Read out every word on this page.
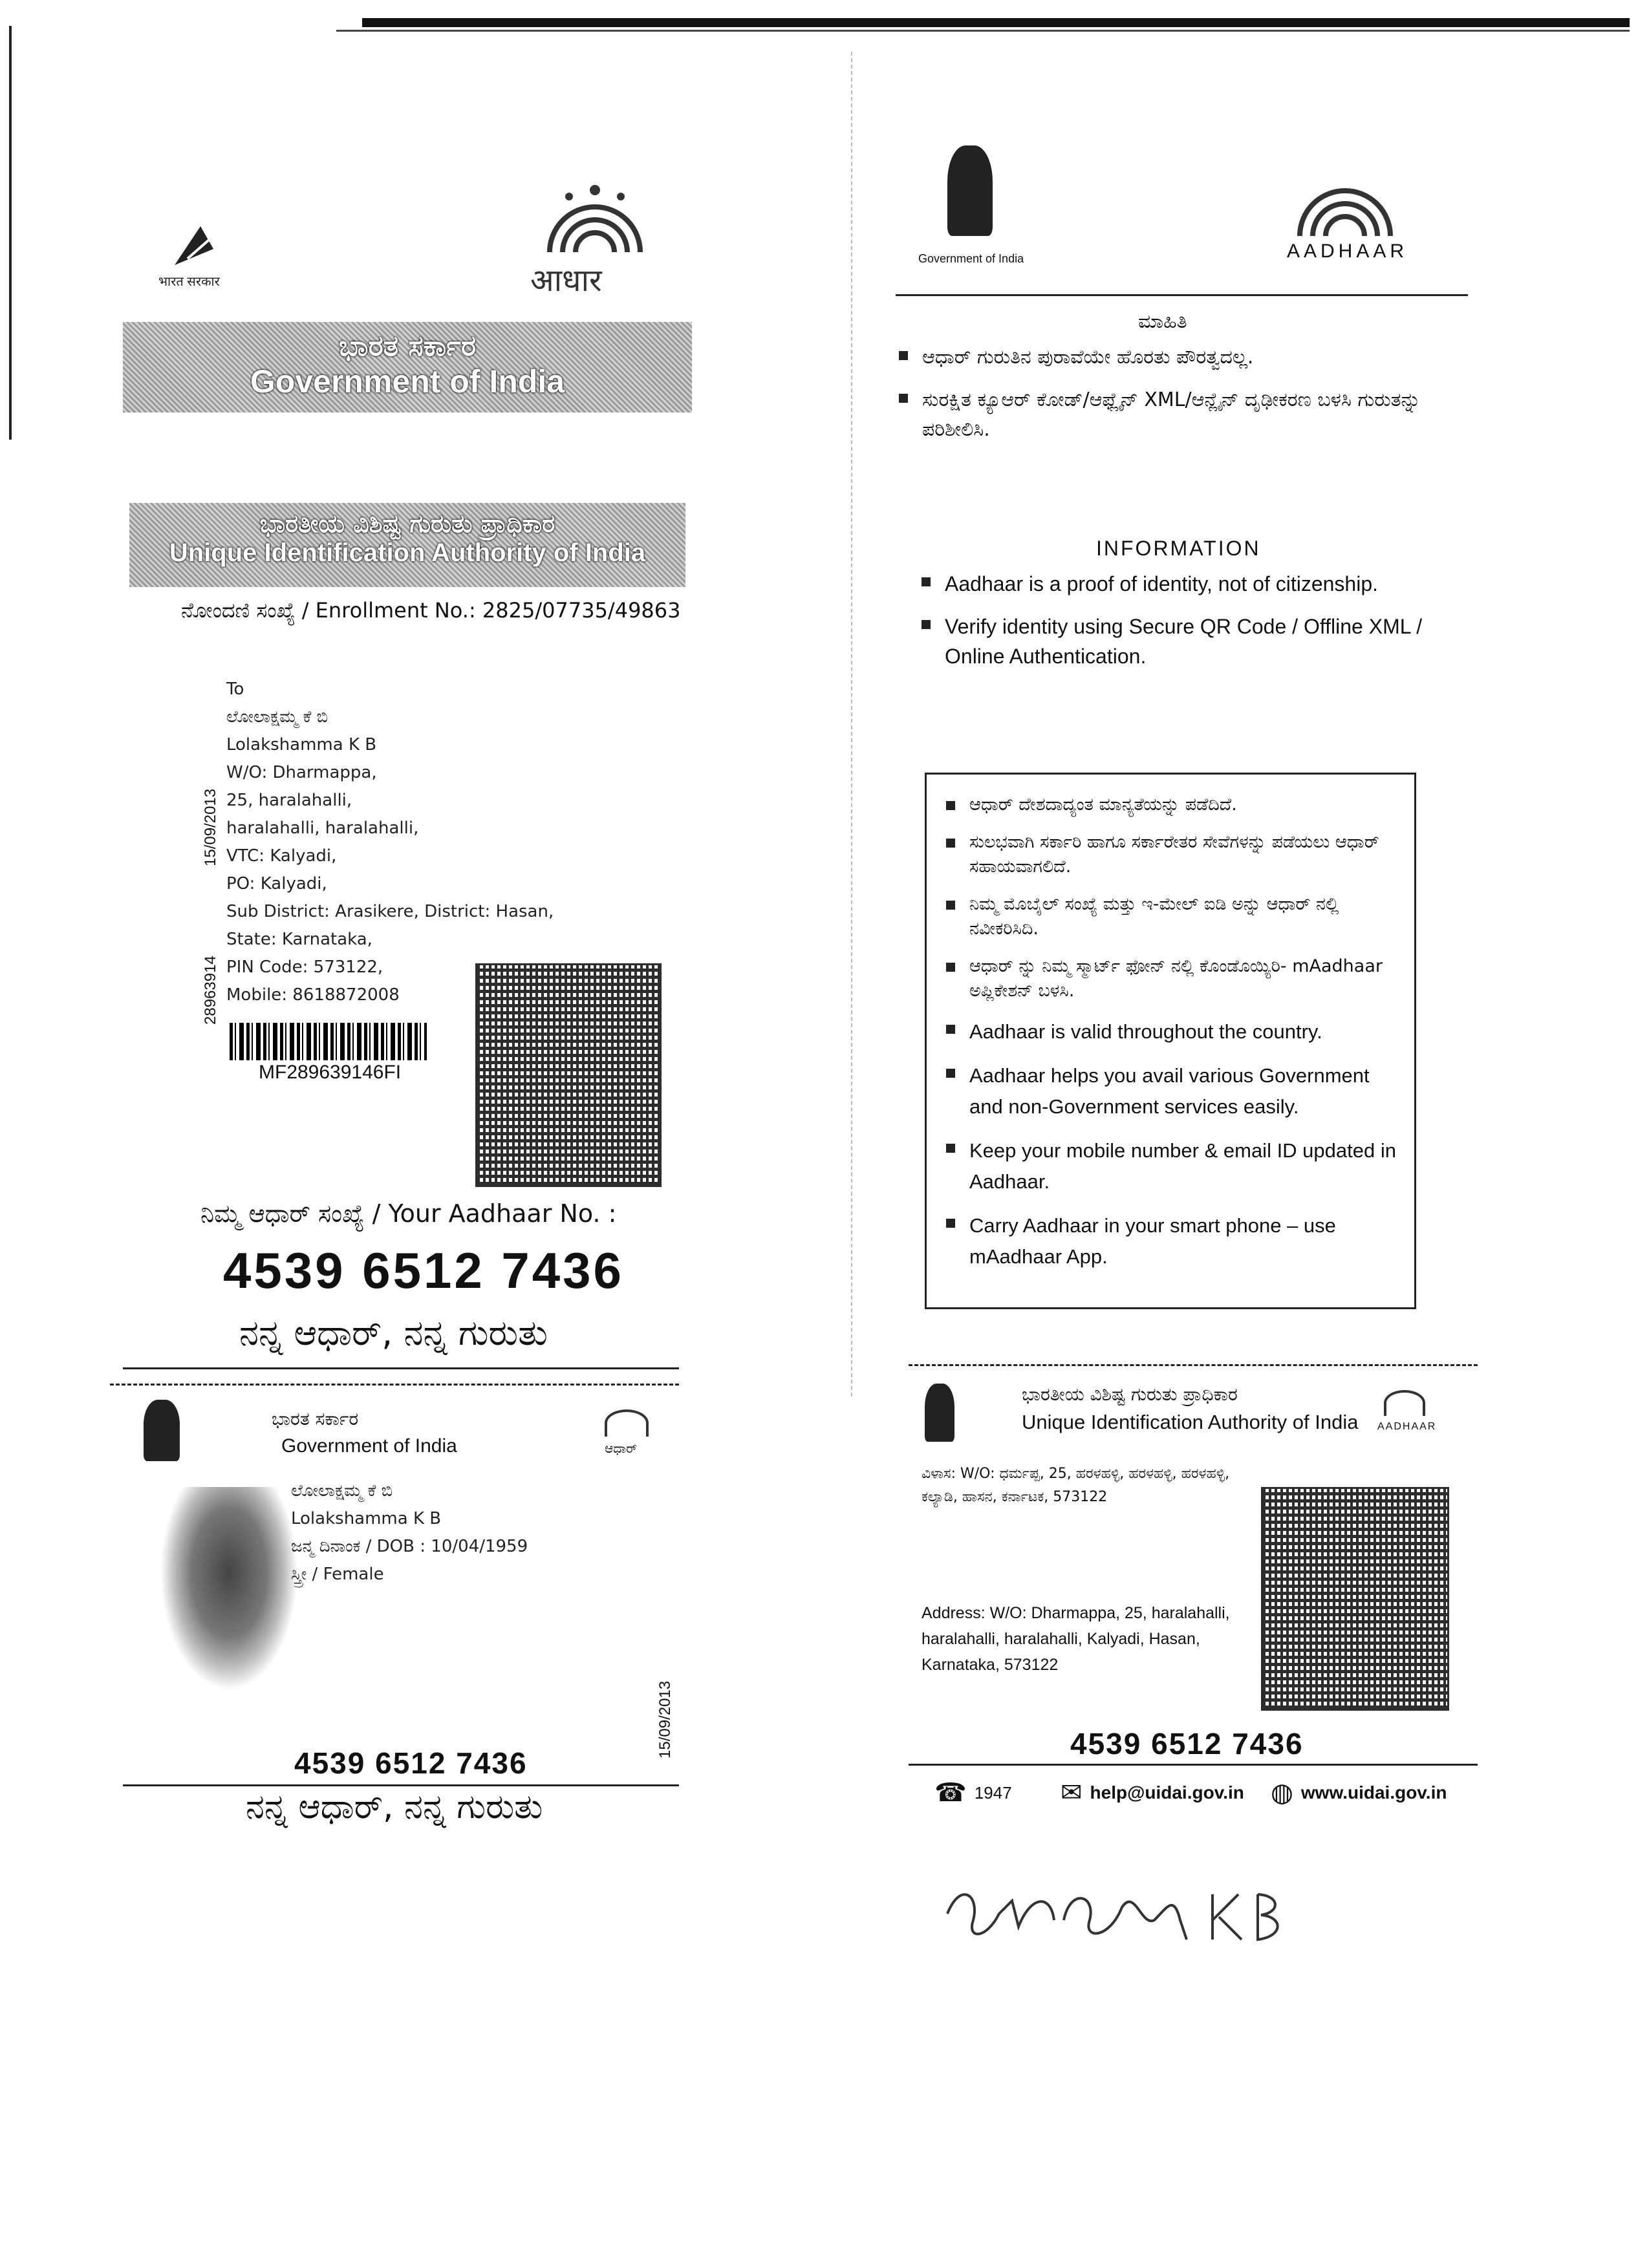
भारत सरकार	आधार
ಭಾರತ ಸರ್ಕಾರ
Government of India
ಭಾರತೀಯ ವಿಶಿಷ್ಟ ಗುರುತು ಪ್ರಾಧಿಕಾರ
Unique Identification Authority of India
ನೋಂದಣಿ ಸಂಖ್ಯೆ / Enrollment No.: 2825/07735/49863
To
ಲೋಲಾಕ್ಷಮ್ಮ ಕೆ ಬಿ
Lolakshamma K B
W/O: Dharmappa,
25, haralahalli,
haralahalli, haralahalli,
VTC: Kalyadi,
PO: Kalyadi,
Sub District: Arasikere, District: Hasan,
State: Karnataka,
PIN Code: 573122,
Mobile: 8618872008
15/09/2013
28963914
MF289639146FI
ನಿಮ್ಮ ಆಧಾರ್ ಸಂಖ್ಯೆ / Your Aadhaar No. :
4539 6512 7436
ನನ್ನ ಆಧಾರ್, ನನ್ನ ಗುರುತು
ಭಾರತ ಸರ್ಕಾರ
Government of India	ಆಧಾರ್
ಲೋಲಾಕ್ಷಮ್ಮ ಕೆ ಬಿ
Lolakshamma K B
ಜನ್ಮ ದಿನಾಂಕ / DOB : 10/04/1959
ಸ್ತ್ರೀ / Female
15/09/2013
4539 6512 7436
ನನ್ನ ಆಧಾರ್, ನನ್ನ ಗುರುತು
Government of India	AADHAAR
ಮಾಹಿತಿ
ಆಧಾರ್ ಗುರುತಿನ ಪುರಾವೆಯೇ ಹೊರತು ಪೌರತ್ವದಲ್ಲ.
ಸುರಕ್ಷಿತ ಕ್ಯೂಆರ್ ಕೋಡ್/ಆಫ್ಲೈನ್ XML/ಆನ್ಲೈನ್ ದೃಢೀಕರಣ ಬಳಸಿ ಗುರುತನ್ನು ಪರಿಶೀಲಿಸಿ.
INFORMATION
Aadhaar is a proof of identity, not of citizenship.
Verify identity using Secure QR Code / Offline XML / Online Authentication.
ಆಧಾರ್ ದೇಶದಾದ್ಯಂತ ಮಾನ್ಯತೆಯನ್ನು ಪಡೆದಿದೆ.
ಸುಲಭವಾಗಿ ಸರ್ಕಾರಿ ಹಾಗೂ ಸರ್ಕಾರೇತರ ಸೇವೆಗಳನ್ನು ಪಡೆಯಲು ಆಧಾರ್ ಸಹಾಯವಾಗಲಿದೆ.
ನಿಮ್ಮ ಮೊಬೈಲ್ ಸಂಖ್ಯೆ ಮತ್ತು ಇ-ಮೇಲ್ ಐಡಿ ಅನ್ನು ಆಧಾರ್ ನಲ್ಲಿ ನವೀಕರಿಸಿದಿ.
ಆಧಾರ್ ನ್ನು ನಿಮ್ಮ ಸ್ಮಾರ್ಟ್ ಫೋನ್ ನಲ್ಲಿ ಕೊಂಡೊಯ್ಯಿರಿ- mAadhaar ಅಪ್ಲಿಕೇಶನ್ ಬಳಸಿ.
Aadhaar is valid throughout the country.
Aadhaar helps you avail various Government and non-Government services easily.
Keep your mobile number & email ID updated in Aadhaar.
Carry Aadhaar in your smart phone – use mAadhaar App.
ಭಾರತೀಯ ವಿಶಿಷ್ಟ ಗುರುತು ಪ್ರಾಧಿಕಾರ
Unique Identification Authority of India AADHAAR
ವಿಳಾಸ: W/O: ಧರ್ಮಪ್ಪ, 25, ಹರಳಹಳ್ಳಿ, ಹರಳಹಳ್ಳಿ, ಹರಳಹಳ್ಳಿ, ಕಲ್ಯಾಡಿ, ಹಾಸನ, ಕರ್ನಾಟಕ, 573122
Address: W/O: Dharmappa, 25, haralahalli, haralahalli, haralahalli, Kalyadi, Hasan, Karnataka, 573122
4539 6512 7436
☎ 1947 ✉ help@uidai.gov.in ◍ www.uidai.gov.in
